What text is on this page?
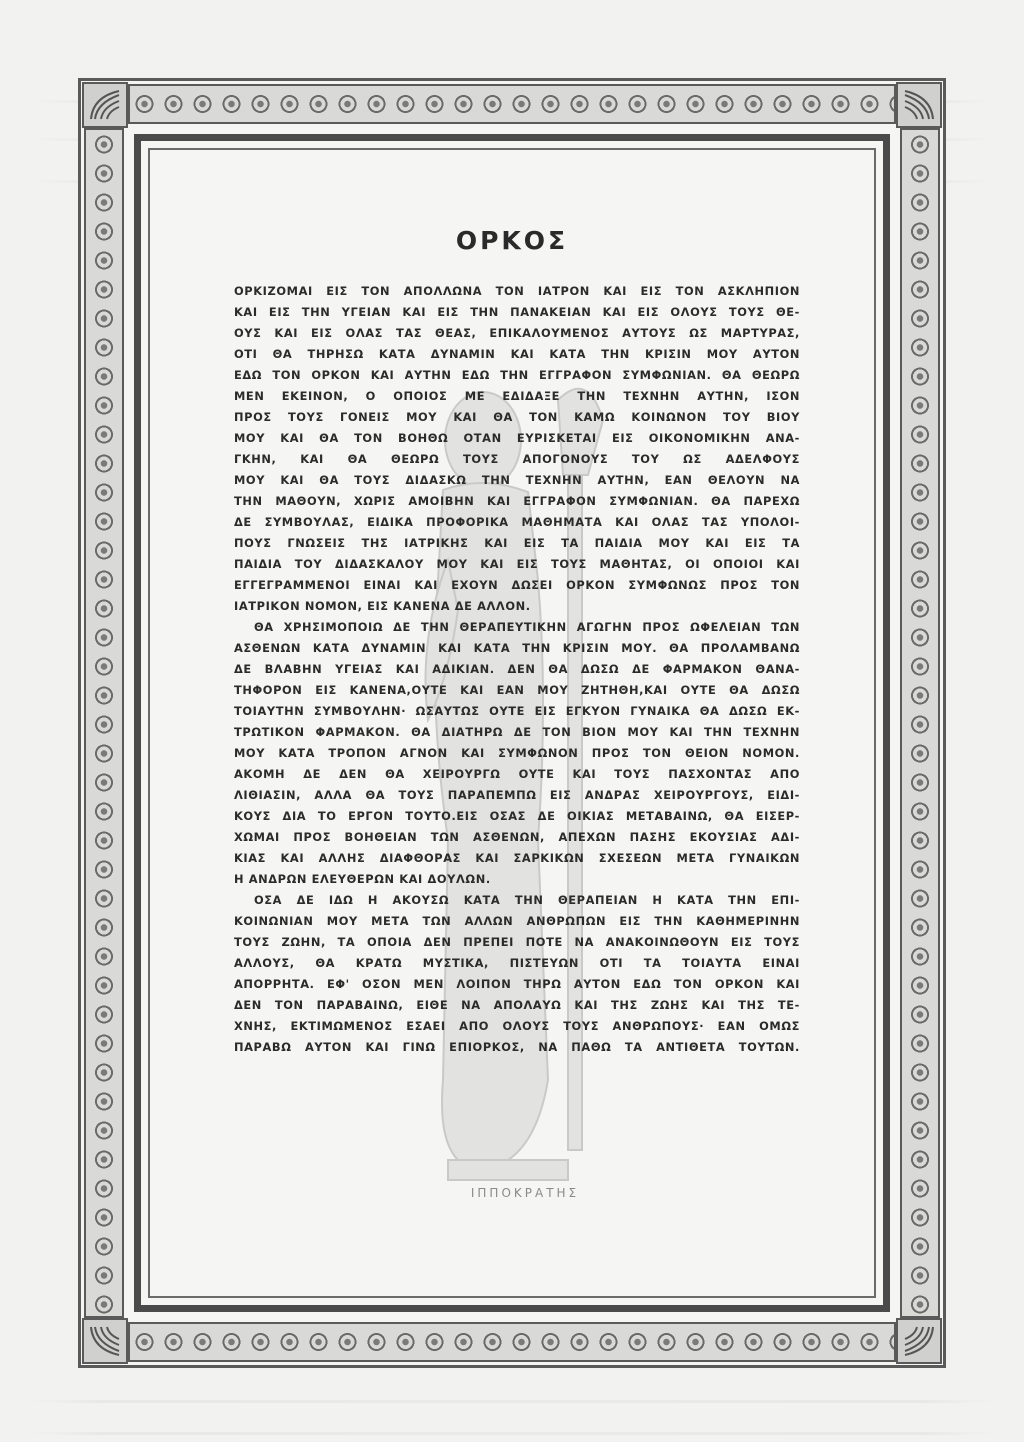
ΙΠΠΟΚΡΑΤΗΣ
ΟΡΚΟΣ
ΟΡΚΙΖΟΜΑΙ ΕΙΣ ΤΟΝ ΑΠΟΛΛΩΝΑ ΤΟΝ ΙΑΤΡΟΝ ΚΑΙ ΕΙΣ ΤΟΝ ΑΣΚΛΗΠΙΟΝ
ΚΑΙ ΕΙΣ ΤΗΝ ΥΓΕΙΑΝ ΚΑΙ ΕΙΣ ΤΗΝ ΠΑΝΑΚΕΙΑΝ ΚΑΙ ΕΙΣ ΟΛΟΥΣ ΤΟΥΣ ΘΕ-
ΟΥΣ ΚΑΙ ΕΙΣ ΟΛΑΣ ΤΑΣ ΘΕΑΣ, ΕΠΙΚΑΛΟΥΜΕΝΟΣ ΑΥΤΟΥΣ ΩΣ ΜΑΡΤΥΡΑΣ,
ΟΤΙ ΘΑ ΤΗΡΗΣΩ ΚΑΤΑ ΔΥΝΑΜΙΝ ΚΑΙ ΚΑΤΑ ΤΗΝ ΚΡΙΣΙΝ ΜΟΥ ΑΥΤΟΝ
ΕΔΩ ΤΟΝ ΟΡΚΟΝ ΚΑΙ ΑΥΤΗΝ ΕΔΩ ΤΗΝ ΕΓΓΡΑΦΟΝ ΣΥΜΦΩΝΙΑΝ. ΘΑ ΘΕΩΡΩ
ΜΕΝ ΕΚΕΙΝΟΝ, Ο ΟΠΟΙΟΣ ΜΕ ΕΔΙΔΑΞΕ ΤΗΝ ΤΕΧΝΗΝ ΑΥΤΗΝ, ΙΣΟΝ
ΠΡΟΣ ΤΟΥΣ ΓΟΝΕΙΣ ΜΟΥ ΚΑΙ ΘΑ ΤΟΝ ΚΑΜΩ ΚΟΙΝΩΝΟΝ ΤΟΥ ΒΙΟΥ
ΜΟΥ ΚΑΙ ΘΑ ΤΟΝ ΒΟΗΘΩ ΟΤΑΝ ΕΥΡΙΣΚΕΤΑΙ ΕΙΣ ΟΙΚΟΝΟΜΙΚΗΝ ΑΝΑ-
ΓΚΗΝ, ΚΑΙ ΘΑ ΘΕΩΡΩ ΤΟΥΣ ΑΠΟΓΟΝΟΥΣ ΤΟΥ ΩΣ ΑΔΕΛΦΟΥΣ
ΜΟΥ ΚΑΙ ΘΑ ΤΟΥΣ ΔΙΔΑΣΚΩ ΤΗΝ ΤΕΧΝΗΝ ΑΥΤΗΝ, ΕΑΝ ΘΕΛΟΥΝ ΝΑ
ΤΗΝ ΜΑΘΟΥΝ, ΧΩΡΙΣ ΑΜΟΙΒΗΝ ΚΑΙ ΕΓΓΡΑΦΟΝ ΣΥΜΦΩΝΙΑΝ. ΘΑ ΠΑΡΕΧΩ
ΔΕ ΣΥΜΒΟΥΛΑΣ, ΕΙΔΙΚΑ ΠΡΟΦΟΡΙΚΑ ΜΑΘΗΜΑΤΑ ΚΑΙ ΟΛΑΣ ΤΑΣ ΥΠΟΛΟΙ-
ΠΟΥΣ ΓΝΩΣΕΙΣ ΤΗΣ ΙΑΤΡΙΚΗΣ ΚΑΙ ΕΙΣ ΤΑ ΠΑΙΔΙΑ ΜΟΥ ΚΑΙ ΕΙΣ ΤΑ
ΠΑΙΔΙΑ ΤΟΥ ΔΙΔΑΣΚΑΛΟΥ ΜΟΥ ΚΑΙ ΕΙΣ ΤΟΥΣ ΜΑΘΗΤΑΣ, ΟΙ ΟΠΟΙΟΙ ΚΑΙ
ΕΓΓΕΓΡΑΜΜΕΝΟΙ ΕΙΝΑΙ ΚΑΙ ΕΧΟΥΝ ΔΩΣΕΙ ΟΡΚΟΝ ΣΥΜΦΩΝΩΣ ΠΡΟΣ ΤΟΝ
ΙΑΤΡΙΚΟΝ ΝΟΜΟΝ, ΕΙΣ ΚΑΝΕΝΑ ΔΕ ΑΛΛΟΝ.
ΘΑ ΧΡΗΣΙΜΟΠΟΙΩ ΔΕ ΤΗΝ ΘΕΡΑΠΕΥΤΙΚΗΝ ΑΓΩΓΗΝ ΠΡΟΣ ΩΦΕΛΕΙΑΝ ΤΩΝ
ΑΣΘΕΝΩΝ ΚΑΤΑ ΔΥΝΑΜΙΝ ΚΑΙ ΚΑΤΑ ΤΗΝ ΚΡΙΣΙΝ ΜΟΥ. ΘΑ ΠΡΟΛΑΜΒΑΝΩ
ΔΕ ΒΛΑΒΗΝ ΥΓΕΙΑΣ ΚΑΙ ΑΔΙΚΙΑΝ. ΔΕΝ ΘΑ ΔΩΣΩ ΔΕ ΦΑΡΜΑΚΟΝ ΘΑΝΑ-
ΤΗΦΟΡΟΝ ΕΙΣ ΚΑΝΕΝΑ,ΟΥΤΕ ΚΑΙ ΕΑΝ ΜΟΥ ΖΗΤΗΘΗ,ΚΑΙ ΟΥΤΕ ΘΑ ΔΩΣΩ
ΤΟΙΑΥΤΗΝ ΣΥΜΒΟΥΛΗΝ· ΩΣΑΥΤΩΣ ΟΥΤΕ ΕΙΣ ΕΓΚΥΟΝ ΓΥΝΑΙΚΑ ΘΑ ΔΩΣΩ ΕΚ-
ΤΡΩΤΙΚΟΝ ΦΑΡΜΑΚΟΝ. ΘΑ ΔΙΑΤΗΡΩ ΔΕ ΤΟΝ ΒΙΟΝ ΜΟΥ ΚΑΙ ΤΗΝ ΤΕΧΝΗΝ
ΜΟΥ ΚΑΤΑ ΤΡΟΠΟΝ ΑΓΝΟΝ ΚΑΙ ΣΥΜΦΩΝΟΝ ΠΡΟΣ ΤΟΝ ΘΕΙΟΝ ΝΟΜΟΝ.
ΑΚΟΜΗ ΔΕ ΔΕΝ ΘΑ ΧΕΙΡΟΥΡΓΩ ΟΥΤΕ ΚΑΙ ΤΟΥΣ ΠΑΣΧΟΝΤΑΣ ΑΠΟ
ΛΙΘΙΑΣΙΝ, ΑΛΛΑ ΘΑ ΤΟΥΣ ΠΑΡΑΠΕΜΠΩ ΕΙΣ ΑΝΔΡΑΣ ΧΕΙΡΟΥΡΓΟΥΣ, ΕΙΔΙ-
ΚΟΥΣ ΔΙΑ ΤΟ ΕΡΓΟΝ ΤΟΥΤΟ.ΕΙΣ ΟΣΑΣ ΔΕ ΟΙΚΙΑΣ ΜΕΤΑΒΑΙΝΩ, ΘΑ ΕΙΣΕΡ-
ΧΩΜΑΙ ΠΡΟΣ ΒΟΗΘΕΙΑΝ ΤΩΝ ΑΣΘΕΝΩΝ, ΑΠΕΧΩΝ ΠΑΣΗΣ ΕΚΟΥΣΙΑΣ ΑΔΙ-
ΚΙΑΣ ΚΑΙ ΑΛΛΗΣ ΔΙΑΦΘΟΡΑΣ ΚΑΙ ΣΑΡΚΙΚΩΝ ΣΧΕΣΕΩΝ ΜΕΤΑ ΓΥΝΑΙΚΩΝ
Η ΑΝΔΡΩΝ ΕΛΕΥΘΕΡΩΝ ΚΑΙ ΔΟΥΛΩΝ.
ΟΣΑ ΔΕ ΙΔΩ Η ΑΚΟΥΣΩ ΚΑΤΑ ΤΗΝ ΘΕΡΑΠΕΙΑΝ Η ΚΑΤΑ ΤΗΝ ΕΠΙ-
ΚΟΙΝΩΝΙΑΝ ΜΟΥ ΜΕΤΑ ΤΩΝ ΑΛΛΩΝ ΑΝΘΡΩΠΩΝ ΕΙΣ ΤΗΝ ΚΑΘΗΜΕΡΙΝΗΝ
ΤΟΥΣ ΖΩΗΝ, ΤΑ ΟΠΟΙΑ ΔΕΝ ΠΡΕΠΕΙ ΠΟΤΕ ΝΑ ΑΝΑΚΟΙΝΩΘΟΥΝ ΕΙΣ ΤΟΥΣ
ΑΛΛΟΥΣ, ΘΑ ΚΡΑΤΩ ΜΥΣΤΙΚΑ, ΠΙΣΤΕΥΩΝ ΟΤΙ ΤΑ ΤΟΙΑΥΤΑ ΕΙΝΑΙ
ΑΠΟΡΡΗΤΑ. ΕΦ' ΟΣΟΝ ΜΕΝ ΛΟΙΠΟΝ ΤΗΡΩ ΑΥΤΟΝ ΕΔΩ ΤΟΝ ΟΡΚΟΝ ΚΑΙ
ΔΕΝ ΤΟΝ ΠΑΡΑΒΑΙΝΩ, ΕΙΘΕ ΝΑ ΑΠΟΛΑΥΩ ΚΑΙ ΤΗΣ ΖΩΗΣ ΚΑΙ ΤΗΣ ΤΕ-
ΧΝΗΣ, ΕΚΤΙΜΩΜΕΝΟΣ ΕΣΑΕΙ ΑΠΟ ΟΛΟΥΣ ΤΟΥΣ ΑΝΘΡΩΠΟΥΣ· ΕΑΝ ΟΜΩΣ
ΠΑΡΑΒΩ ΑΥΤΟΝ ΚΑΙ ΓΙΝΩ ΕΠΙΟΡΚΟΣ, ΝΑ ΠΑΘΩ ΤΑ ΑΝΤΙΘΕΤΑ ΤΟΥΤΩΝ.
